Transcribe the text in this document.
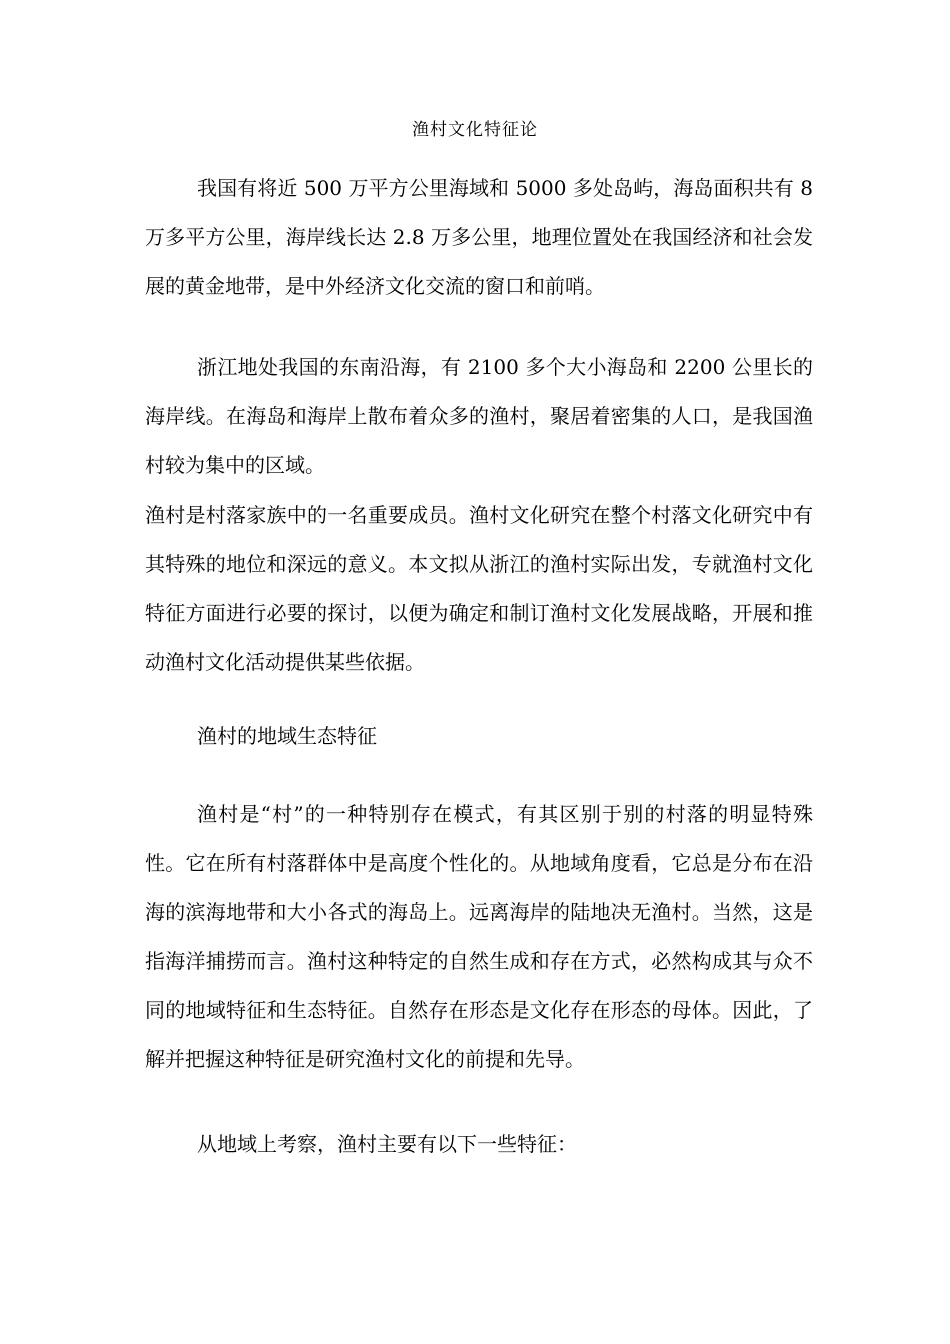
渔村文化特征论

我国有将近 500 万平方公里海域和 5000 多处岛屿，海岛面积共有 8 万多平方公里，海岸线长达 2.8 万多公里，地理位置处在我国经济和社会发展的黄金地带，是中外经济文化交流的窗口和前哨。

浙江地处我国的东南沿海，有 2100 多个大小海岛和 2200 公里长的海岸线。在海岛和海岸上散布着众多的渔村，聚居着密集的人口，是我国渔村较为集中的区域。

渔村是村落家族中的一名重要成员。渔村文化研究在整个村落文化研究中有其特殊的地位和深远的意义。本文拟从浙江的渔村实际出发，专就渔村文化特征方面进行必要的探讨，以便为确定和制订渔村文化发展战略，开展和推动渔村文化活动提供某些依据。

渔村的地域生态特征

渔村是“村”的一种特别存在模式，有其区别于别的村落的明显特殊性。它在所有村落群体中是高度个性化的。从地域角度看，它总是分布在沿海的滨海地带和大小各式的海岛上。远离海岸的陆地决无渔村。当然，这是指海洋捕捞而言。渔村这种特定的自然生成和存在方式，必然构成其与众不同的地域特征和生态特征。自然存在形态是文化存在形态的母体。因此，了解并把握这种特征是研究渔村文化的前提和先导。

从地域上考察，渔村主要有以下一些特征：
